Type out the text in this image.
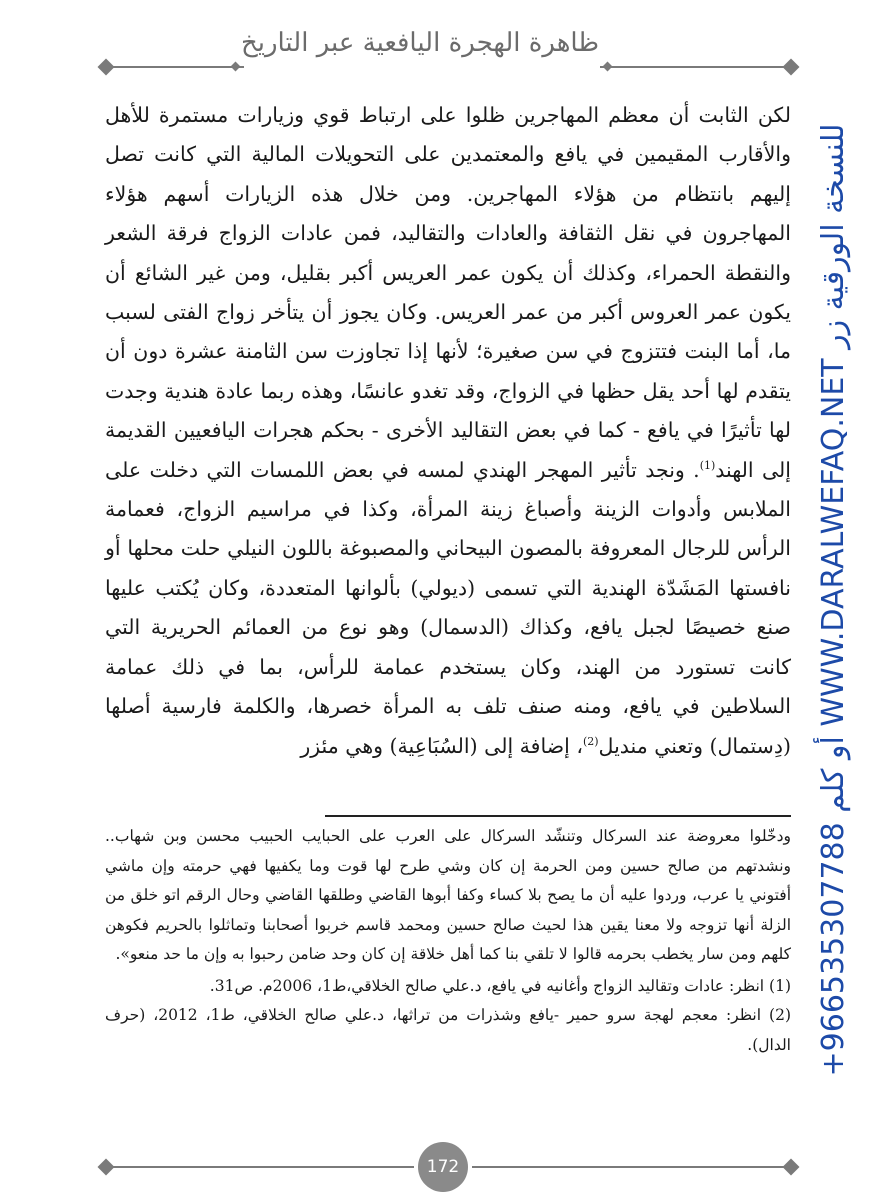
ظاهرة الهجرة اليافعية عبر التاريخ

لكن الثابت أن معظم المهاجرين ظلوا على ارتباط قوي وزيارات مستمرة للأهل والأقارب المقيمين في يافع والمعتمدين على التحويلات المالية التي كانت تصل إليهم بانتظام من هؤلاء المهاجرين. ومن خلال هذه الزيارات أسهم هؤلاء المهاجرون في نقل الثقافة والعادات والتقاليد، فمن عادات الزواج فرقة الشعر والنقطة الحمراء، وكذلك أن يكون عمر العريس أكبر بقليل، ومن غير الشائع أن يكون عمر العروس أكبر من عمر العريس. وكان يجوز أن يتأخر زواج الفتى لسبب ما، أما البنت فتتزوج في سن صغيرة؛ لأنها إذا تجاوزت سن الثامنة عشرة دون أن يتقدم لها أحد يقل حظها في الزواج، وقد تغدو عانسًا، وهذه ربما عادة هندية وجدت لها تأثيرًا في يافع - كما في بعض التقاليد الأخرى - بحكم هجرات اليافعيين القديمة إلى الهند$^{(1)}$. ونجد تأثير المهجر الهندي لمسه في بعض اللمسات التي دخلت على الملابس وأدوات الزينة وأصباغ زينة المرأة، وكذا في مراسيم الزواج، فعمامة الرأس للرجال المعروفة بالمصون البيحاني والمصبوغة باللون النيلي حلت محلها أو نافستها المَشَدّة الهندية التي تسمى (ديولي) بألوانها المتعددة، وكان يُكتب عليها صنع خصيصًا لجبل يافع، وكذاك (الدسمال) وهو نوع من العمائم الحريرية التي كانت تستورد من الهند، وكان يستخدم عمامة للرأس، بما في ذلك عمامة السلاطين في يافع، ومنه صنف تلف به المرأة خصرها، والكلمة فارسية أصلها (دِستمال) وتعني منديل$^{(2)}$، إضافة إلى (السُبَاعِية) وهي مئزر

ودخّلوا معروضة عند السركال وتنشّد السركال على العرب على الحبايب الحبيب محسن وبن شهاب.. ونشدتهم من صالح حسين ومن الحرمة إن كان وشي طرح لها قوت وما يكفيها فهي حرمته وإن ماشي أفتوني يا عرب، وردوا عليه أن ما يصح بلا كساء وكفا أبوها القاضي وطلقها القاضي وحال الرقم اتو خلق من الزلة أنها تزوجه ولا معنا يقين هذا لحيث صالح حسين ومحمد قاسم خربوا أصحابنا وتماثلوا بالحريم فكوهن كلهم ومن سار يخطب بحرمه قالوا لا تلقي بنا كما أهل خلاقة إن كان وحد ضامن رحبوا به وإن ما حد منعو».

(1) انظر: عادات وتقاليد الزواج وأغانيه في يافع، د.علي صالح الخلاقي،ط1، 2006م. ص31.

(2) انظر: معجم لهجة سرو حمير -يافع وشذرات من تراثها، د.علي صالح الخلاقي، ط1، 2012، (حرف الدال).

للنسخة الورقية زر WWW.DARALWEFAQ.NET أو كلم 966535307788+
172
